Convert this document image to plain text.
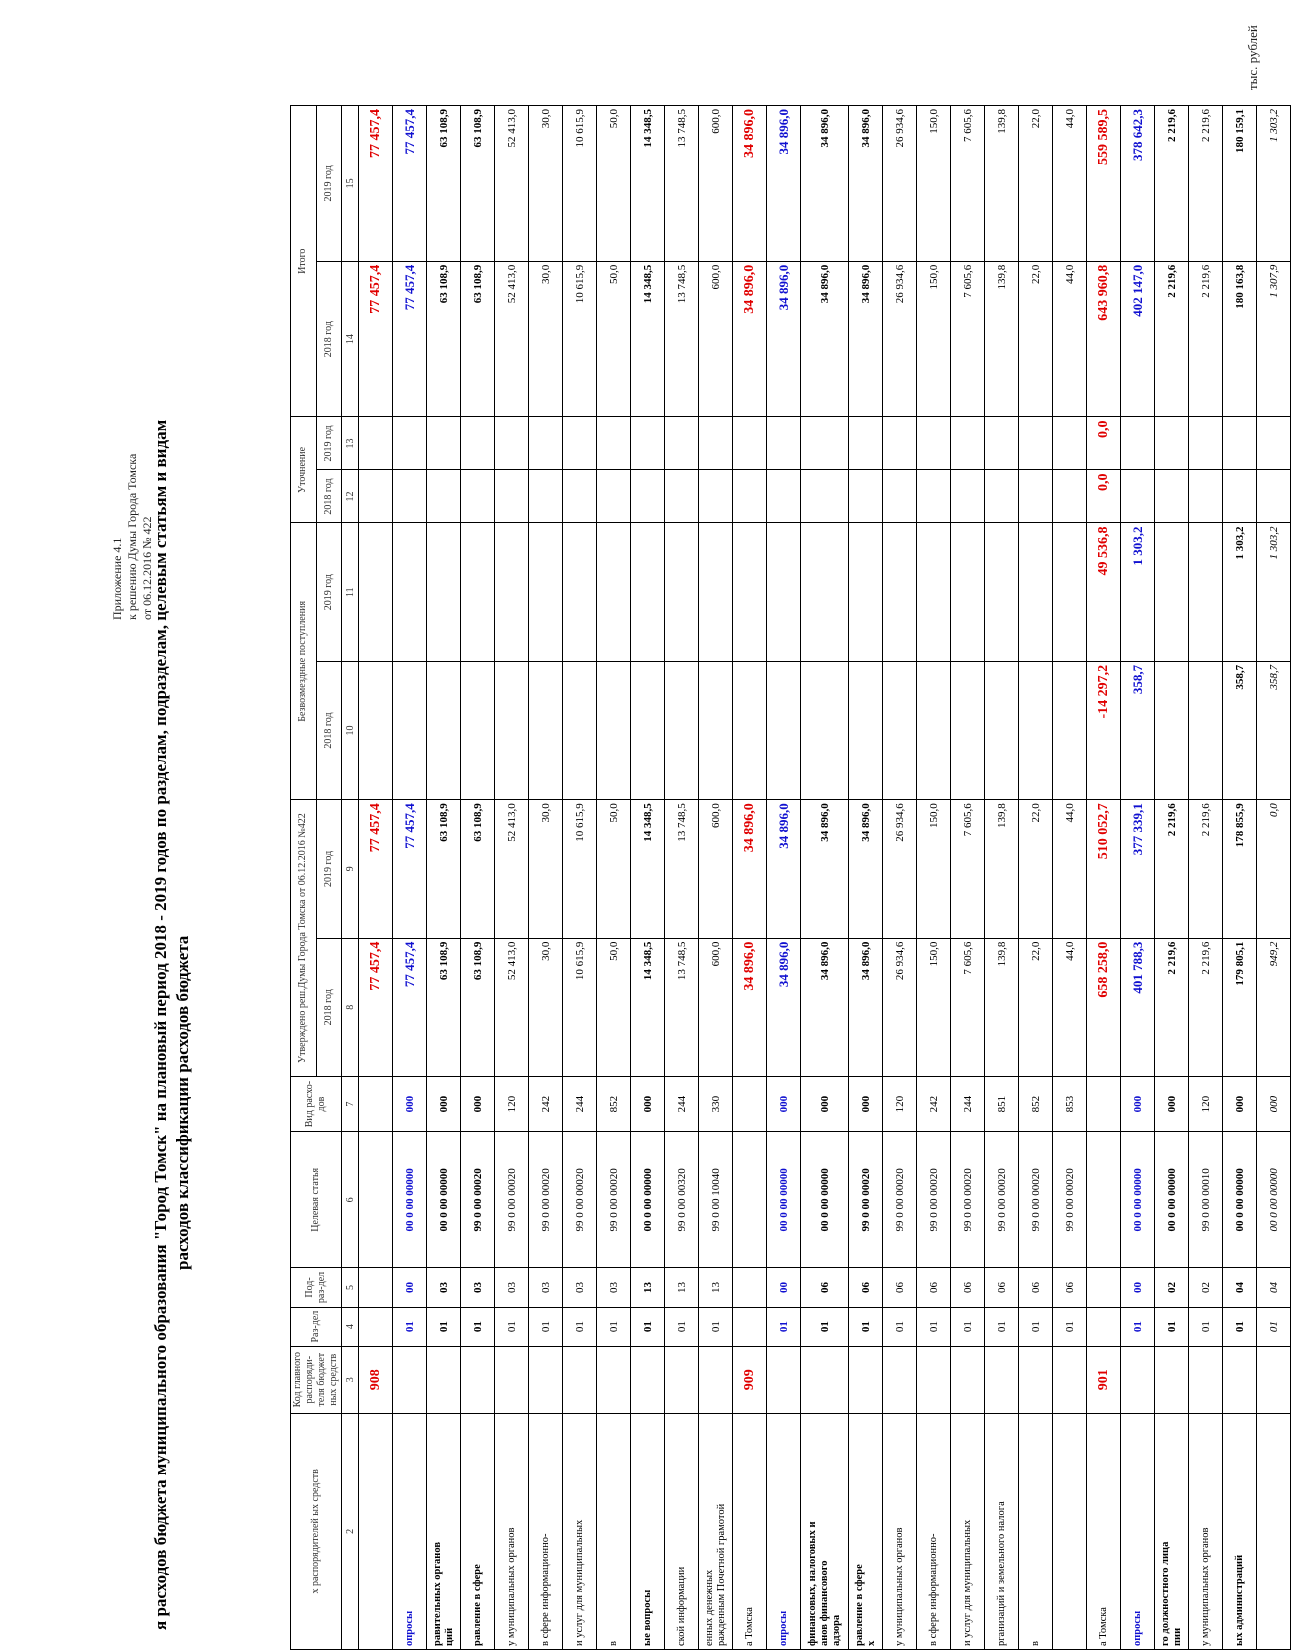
Приложение 4.1 к решению Думы Города Томска от 06.12.2016 № 422
я расходов бюджета муниципального образования "Город Томск" на плановый период 2018 - 2019 годов по разделам, подразделам, целевым статьям и видам расходов классификации расходов бюджета
тыс. рублей
х распорядителей ых средств	Код главного распоряди-теля бюджет ных средств	Раз-дел	Под-раз-дел	Целевая статья	Вид расхо-дов	Утверждено реш.Думы Города Томска от 06.12.2016 №422		Безвозмездные поступления		Уточнение		Итого	
						2018 год	2019 год	2018 год	2019 год	2018 год	2019 год	2018 год	2019 год
2	3	4	5	6	7	8	9	10	11	12	13	14	15
	908					77 457,4	77 457,4					77 457,4	77 457,4
опросы		01	00	00 0 00 00000	000	77 457,4	77 457,4					77 457,4	77 457,4
равительных органов
ций		01	03	00 0 00 00000	000	63 108,9	63 108,9					63 108,9	63 108,9
равление в сфере		01	03	99 0 00 00020	000	63 108,9	63 108,9					63 108,9	63 108,9
у муниципальных органов		01	03	99 0 00 00020	120	52 413,0	52 413,0					52 413,0	52 413,0
в сфере информационно-		01	03	99 0 00 00020	242	30,0	30,0					30,0	30,0
и услуг для муниципальных		01	03	99 0 00 00020	244	10 615,9	10 615,9					10 615,9	10 615,9
в		01	03	99 0 00 00020	852	50,0	50,0					50,0	50,0
ые вопросы		01	13	00 0 00 00000	000	14 348,5	14 348,5					14 348,5	14 348,5
ской информации		01	13	99 0 00 00320	244	13 748,5	13 748,5					13 748,5	13 748,5
енных денежных
ражденным Почетной грамотой		01	13	99 0 00 10040	330	600,0	600,0					600,0	600,0
а Томска	909					34 896,0	34 896,0					34 896,0	34 896,0
опросы		01	00	00 0 00 00000	000	34 896,0	34 896,0					34 896,0	34 896,0
финансовых, налоговых и
анов финансового
адзора		01	06	00 0 00 00000	000	34 896,0	34 896,0					34 896,0	34 896,0
равление в сфере
х		01	06	99 0 00 00020	000	34 896,0	34 896,0					34 896,0	34 896,0
у муниципальных органов		01	06	99 0 00 00020	120	26 934,6	26 934,6					26 934,6	26 934,6
в сфере информационно-		01	06	99 0 00 00020	242	150,0	150,0					150,0	150,0
и услуг для муниципальных		01	06	99 0 00 00020	244	7 605,6	7 605,6					7 605,6	7 605,6
рганизаций и земельного налога		01	06	99 0 00 00020	851	139,8	139,8					139,8	139,8
в		01	06	99 0 00 00020	852	22,0	22,0					22,0	22,0
		01	06	99 0 00 00020	853	44,0	44,0					44,0	44,0
а Томска	901					658 258,0	510 052,7	-14 297,2	49 536,8	0,0	0,0	643 960,8	559 589,5
опросы		01	00	00 0 00 00000	000	401 788,3	377 339,1	358,7	1 303,2			402 147,0	378 642,3
го должностного лица
пии		01	02	00 0 00 00000	000	2 219,6	2 219,6					2 219,6	2 219,6
у муниципальных органов		01	02	99 0 00 00010	120	2 219,6	2 219,6					2 219,6	2 219,6
ых администраций		01	04	00 0 00 00000	000	179 805,1	178 855,9	358,7	1 303,2			180 163,8	180 159,1
		01	04	00 0 00 00000	000	949,2	0,0	358,7	1 303,2			1 307,9	1 303,2
